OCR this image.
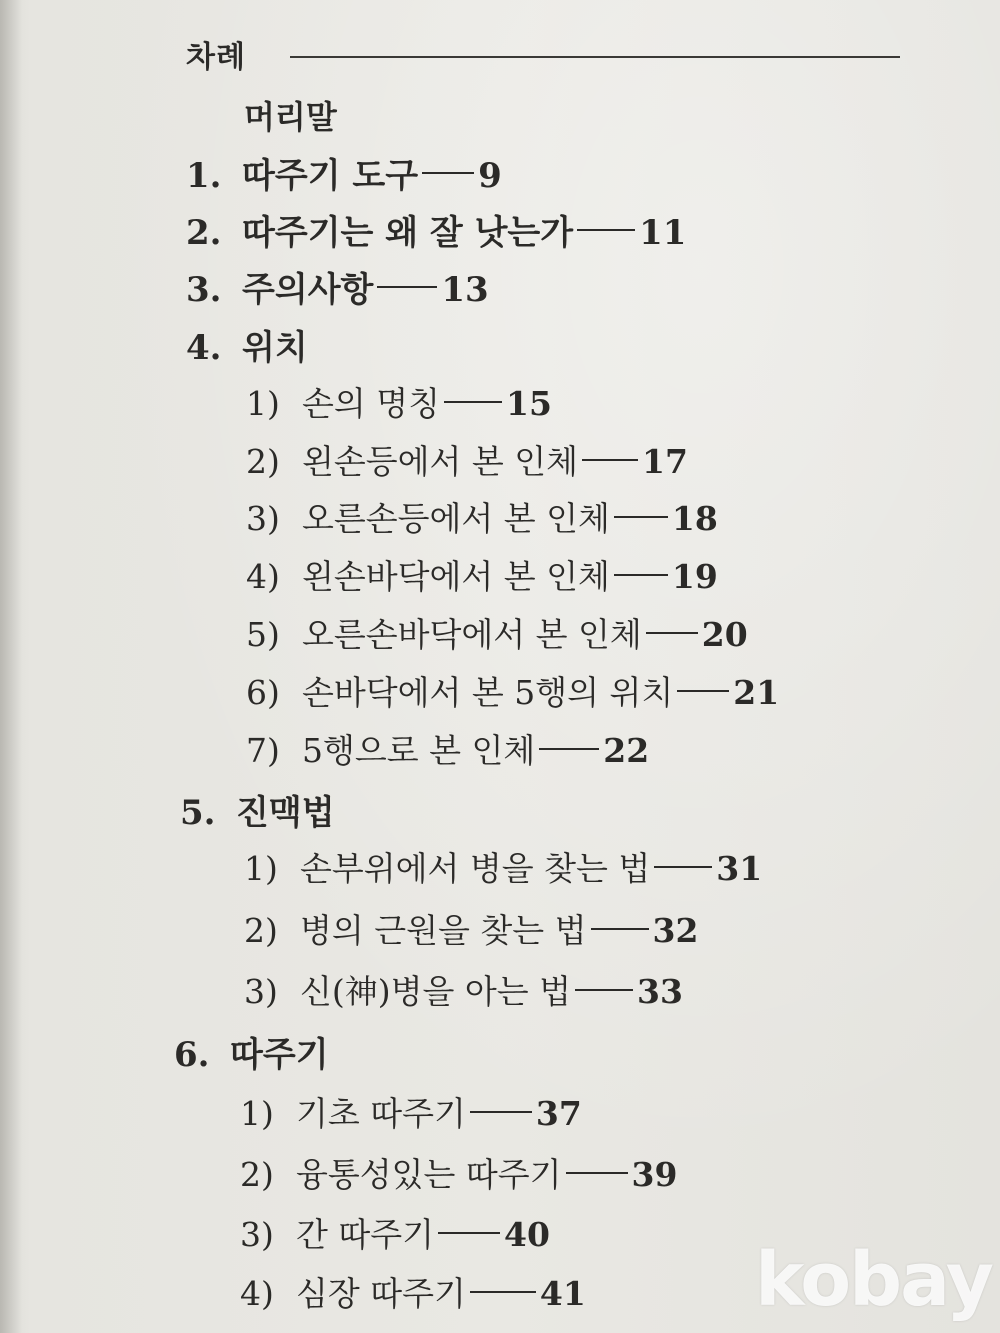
차례
머리말
1. 따주기 도구 9
2. 따주기는 왜 잘 낫는가 11
3. 주의사항 13
4. 위치
1) 손의 명칭 15
2) 왼손등에서 본 인체 17
3) 오른손등에서 본 인체 18
4) 왼손바닥에서 본 인체 19
5) 오른손바닥에서 본 인체 20
6) 손바닥에서 본 5행의 위치 21
7) 5행으로 본 인체 22
5. 진맥법
1) 손부위에서 병을 찾는 법 31
2) 병의 근원을 찾는 법 32
3) 신(神)병을 아는 법 33
6. 따주기
1) 기초 따주기 37
2) 융통성있는 따주기 39
3) 간 따주기 40
4) 심장 따주기 41 kobay
